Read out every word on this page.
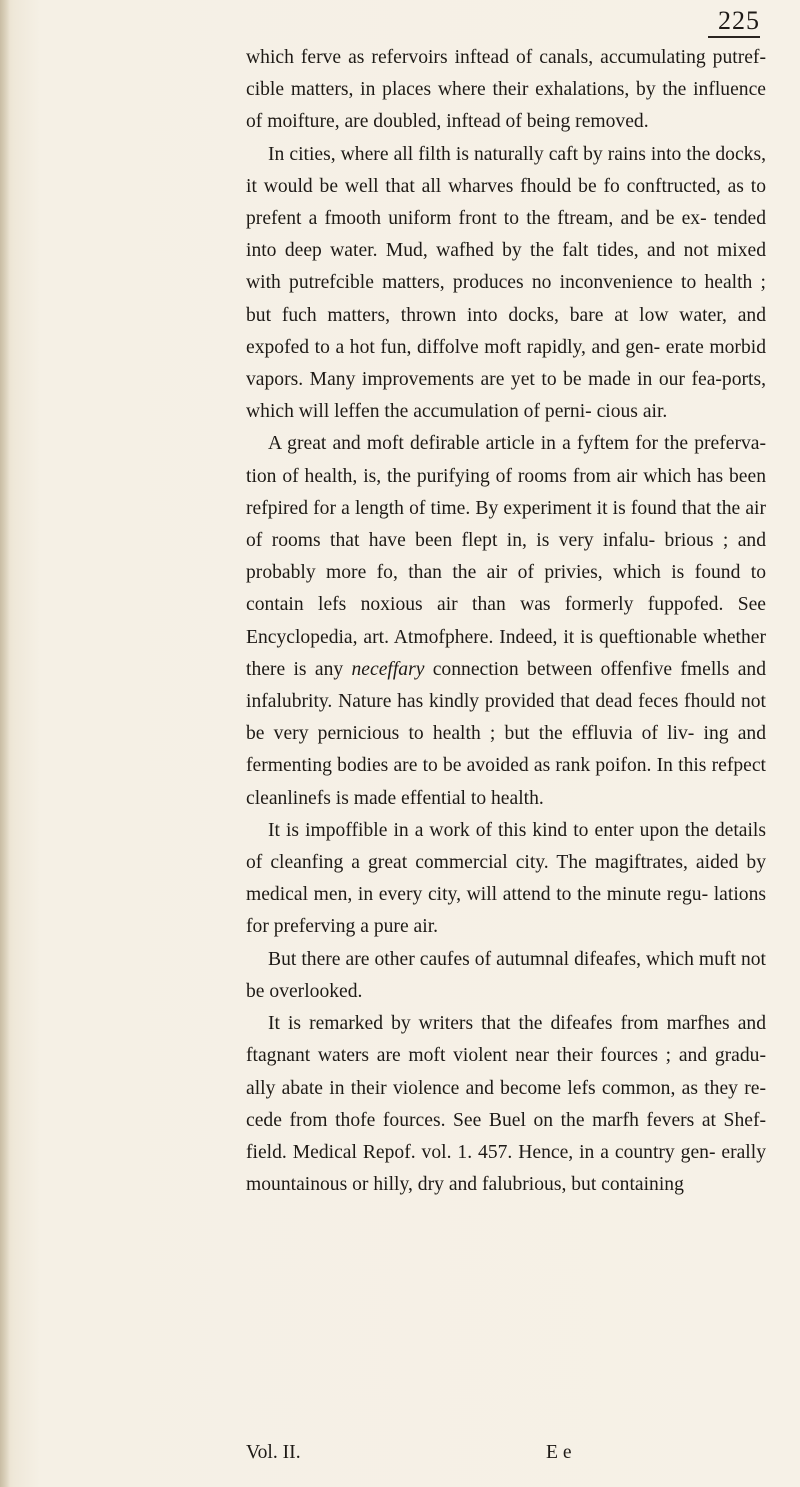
225

which ferve as refervoirs inftead of canals, accumulating putref- cible matters, in places where their exhalations, by the influence of moifture, are doubled, inftead of being removed.

In cities, where all filth is naturally caft by rains into the docks, it would be well that all wharves fhould be fo conftructed, as to prefent a fmooth uniform front to the ftream, and be ex- tended into deep water. Mud, wafhed by the falt tides, and not mixed with putrefcible matters, produces no inconvenience to health ; but fuch matters, thrown into docks, bare at low water, and expofed to a hot fun, diffolve moft rapidly, and gen- erate morbid vapors. Many improvements are yet to be made in our fea-ports, which will leffen the accumulation of perni- cious air.

A great and moft defirable article in a fyftem for the preferva- tion of health, is, the purifying of rooms from air which has been refpired for a length of time. By experiment it is found that the air of rooms that have been flept in, is very infalu- brious ; and probably more fo, than the air of privies, which is found to contain lefs noxious air than was formerly fuppofed. See Encyclopedia, art. Atmofphere. Indeed, it is queftionable whether there is any neceffary connection between offenfive fmells and infalubrity. Nature has kindly provided that dead feces fhould not be very pernicious to health ; but the effluvia of liv- ing and fermenting bodies are to be avoided as rank poifon. In this refpect cleanlinefs is made effential to health.

It is impoffible in a work of this kind to enter upon the details of cleanfing a great commercial city. The magiftrates, aided by medical men, in every city, will attend to the minute regu- lations for preferving a pure air.

But there are other caufes of autumnal difeafes, which muft not be overlooked.

It is remarked by writers that the difeafes from marfhes and ftagnant waters are moft violent near their fources ; and gradu- ally abate in their violence and become lefs common, as they re- cede from thofe fources. See Buel on the marfh fevers at Shef- field. Medical Repof. vol. 1. 457. Hence, in a country gen- erally mountainous or hilly, dry and falubrious, but containing

Vol. II.	E e
